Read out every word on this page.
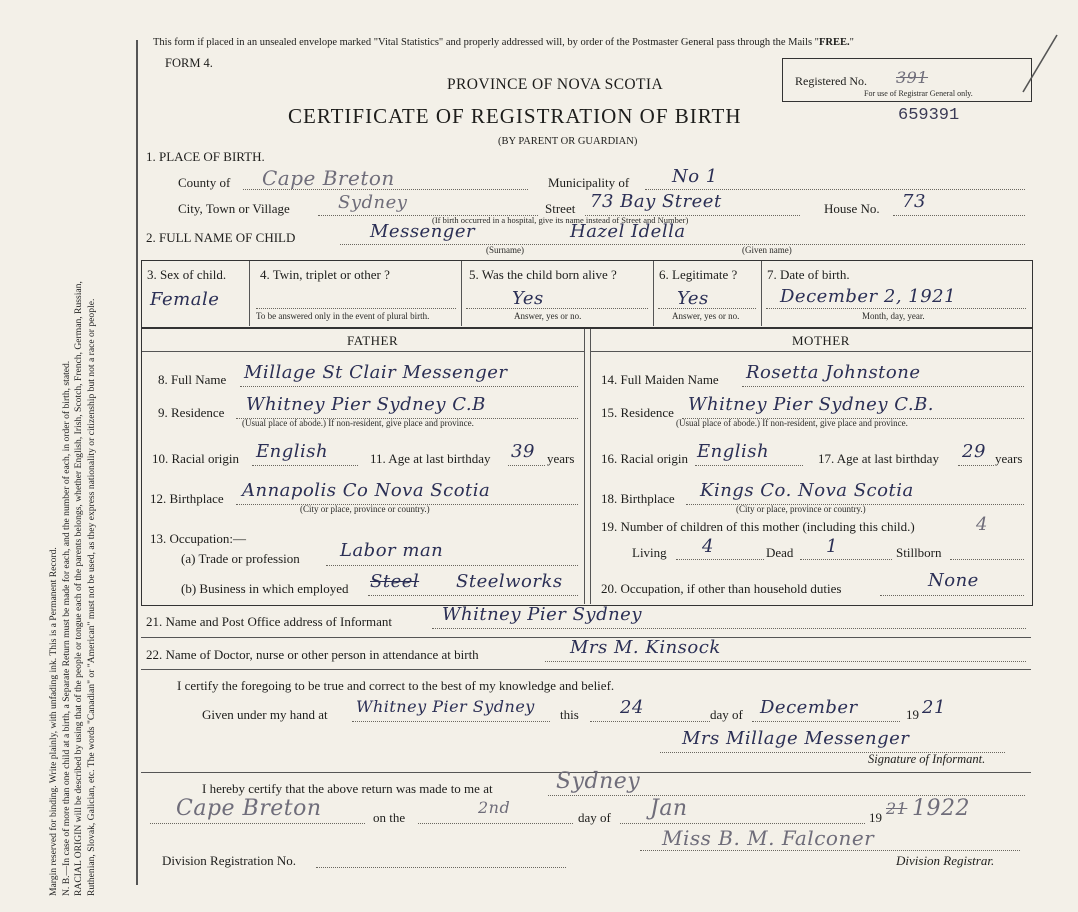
Margin reserved for binding. Write plainly, with unfading ink. This is a Permanent Record. N. B.—In case of more than one child at a birth, a Separate Return must be made for each, and the number of each, in order of birth, stated. RACIAL ORIGIN will be described by using that of the people or tongue each of the parents belongs, whether English, Irish, Scotch, French, German, Russian, Ruthenian, Slovak, Galician, etc. The words "Canadian" or "American" must not be used, as they express nationality or citizenship but not a race or people.
This form if placed in an unsealed envelope marked "Vital Statistics" and properly addressed will, by order of the Postmaster General pass through the Mails "FREE."
FORM 4.
PROVINCE OF NOVA SCOTIA
CERTIFICATE OF REGISTRATION OF BIRTH	659391
(BY PARENT OR GUARDIAN)
Registered No. 391
For use of Registrar General only.
1. PLACE OF BIRTH.
County of Cape Breton	Municipality of No 1
City, Town or Village	Sydney	Street 73 Bay Street
(If birth occurred in a hospital, give its name instead of Street and Number)
House No. 73
2. FULL NAME OF CHILD	Messenger	Hazel Idella
(Surname)	(Given name)
3. Sex of child.
Female
4. Twin, triplet or other ?
To be answered only in the event of plural birth.
5. Was the child born alive ?
Yes
Answer, yes or no.
6. Legitimate ?
Yes
Answer, yes or no.
7. Date of birth.
December 2, 1921
Month, day, year.
FATHER	MOTHER
8. Full Name Millage St Clair Messenger
9. Residence Whitney Pier Sydney C.B
(Usual place of abode.) If non-resident, give place and province.
10. Racial origin English	11. Age at last birthday 39 years
12. Birthplace Annapolis Co Nova Scotia
(City or place, province or country.)
13. Occupation:—
(a) Trade or profession Labor man
(b) Business in which employed Steel Steelworks
14. Full Maiden Name Rosetta Johnstone
15. Residence Whitney Pier Sydney C.B.
(Usual place of abode.) If non-resident, give place and province.
16. Racial origin English	17. Age at last birthday 29 years
18. Birthplace Kings Co. Nova Scotia
(City or place, province or country.)
19. Number of children of this mother (including this child.)	4
Living 4	Dead 1	Stillborn
20. Occupation, if other than household duties	None
21. Name and Post Office address of Informant	Whitney Pier Sydney
22. Name of Doctor, nurse or other person in attendance at birth	Mrs M. Kinsock
I certify the foregoing to be true and correct to the best of my knowledge and belief.
Given under my hand at Whitney Pier Sydney this 24	day of December	19 21
Mrs Millage Messenger
Signature of Informant.
I hereby certify that the above return was made to me at	Sydney
Cape Breton	on the
2nd
day of Jan	19 21 1922
Miss B. M. Falconer
Division Registration No.	Division Registrar.
